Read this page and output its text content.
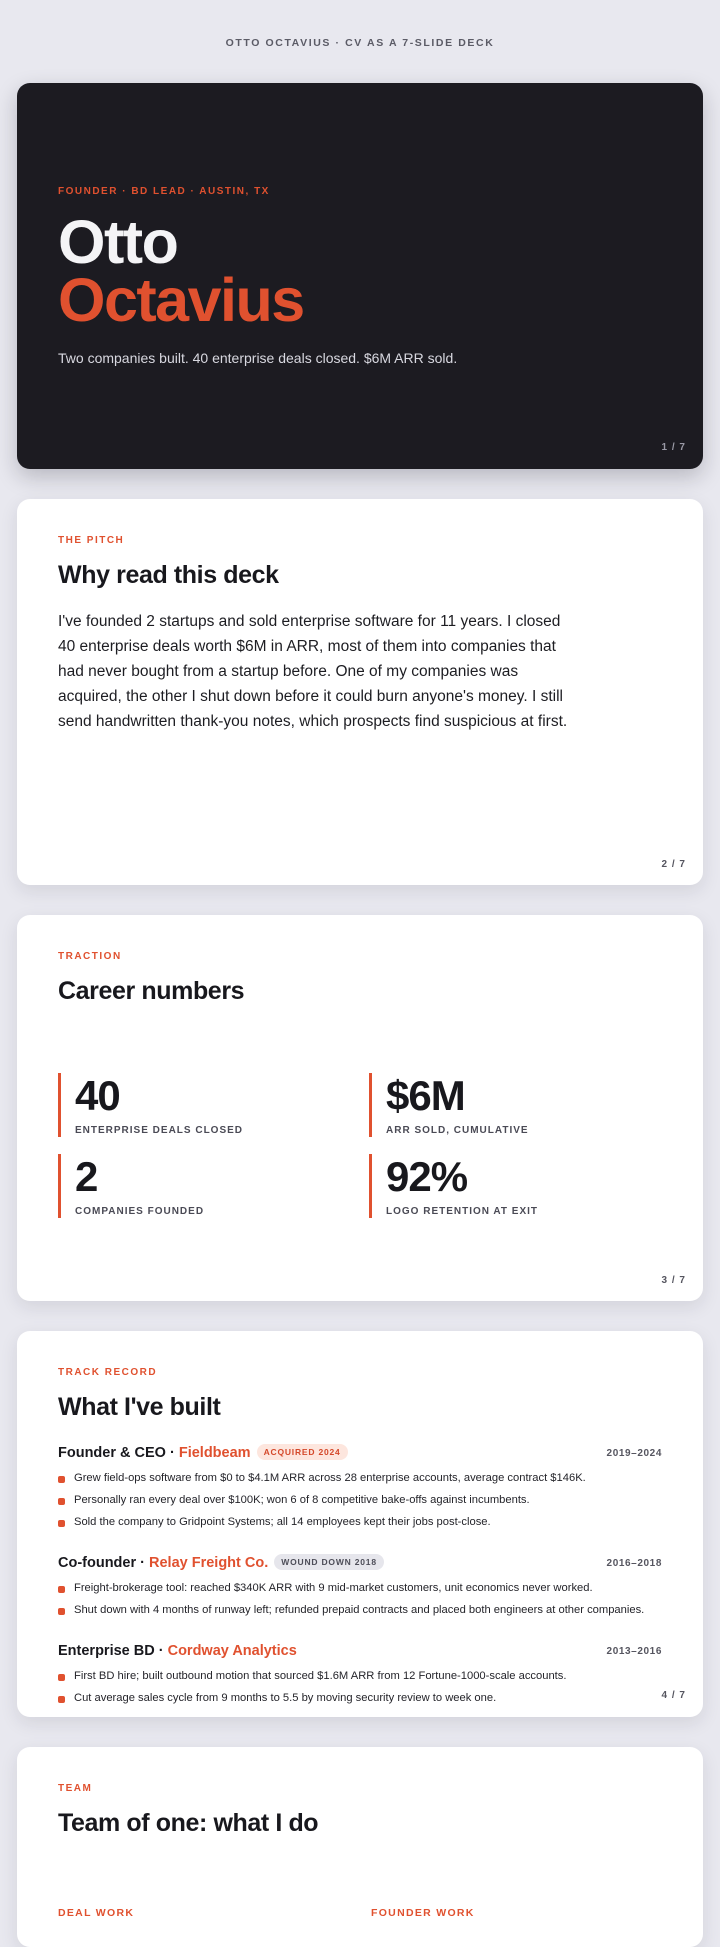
OTTO OCTAVIUS · CV AS A 7-SLIDE DECK
FOUNDER · BD LEAD · AUSTIN, TX
Otto
Octavius
Two companies built. 40 enterprise deals closed. $6M ARR sold.
1 / 7
THE PITCH
Why read this deck

I've founded 2 startups and sold enterprise software for 11 years. I closed 40 enterprise deals worth $6M in ARR, most of them into companies that had never bought from a startup before. One of my companies was acquired, the other I shut down before it could burn anyone's money. I still send handwritten thank-you notes, which prospects find suspicious at first.

2 / 7
TRACTION
Career numbers
40
ENTERPRISE DEALS CLOSED
$6M
ARR SOLD, CUMULATIVE
2
COMPANIES FOUNDED
92%
LOGO RETENTION AT EXIT
3 / 7
TRACK RECORD
What I've built
Founder & CEO · Fieldbeam ACQUIRED 2024	2019–2024
Grew field-ops software from $0 to $4.1M ARR across 28 enterprise accounts, average contract $146K.
Personally ran every deal over $100K; won 6 of 8 competitive bake-offs against incumbents.
Sold the company to Gridpoint Systems; all 14 employees kept their jobs post-close.
Co-founder · Relay Freight Co. WOUND DOWN 2018	2016–2018
Freight-brokerage tool: reached $340K ARR with 9 mid-market customers, unit economics never worked.
Shut down with 4 months of runway left; refunded prepaid contracts and placed both engineers at other companies.
Enterprise BD · Cordway Analytics	2013–2016
First BD hire; built outbound motion that sourced $1.6M ARR from 12 Fortune-1000-scale accounts.
Cut average sales cycle from 9 months to 5.5 by moving security review to week one.	4 / 7
TEAM
Team of one: what I do
DEAL WORK	FOUNDER WORK
